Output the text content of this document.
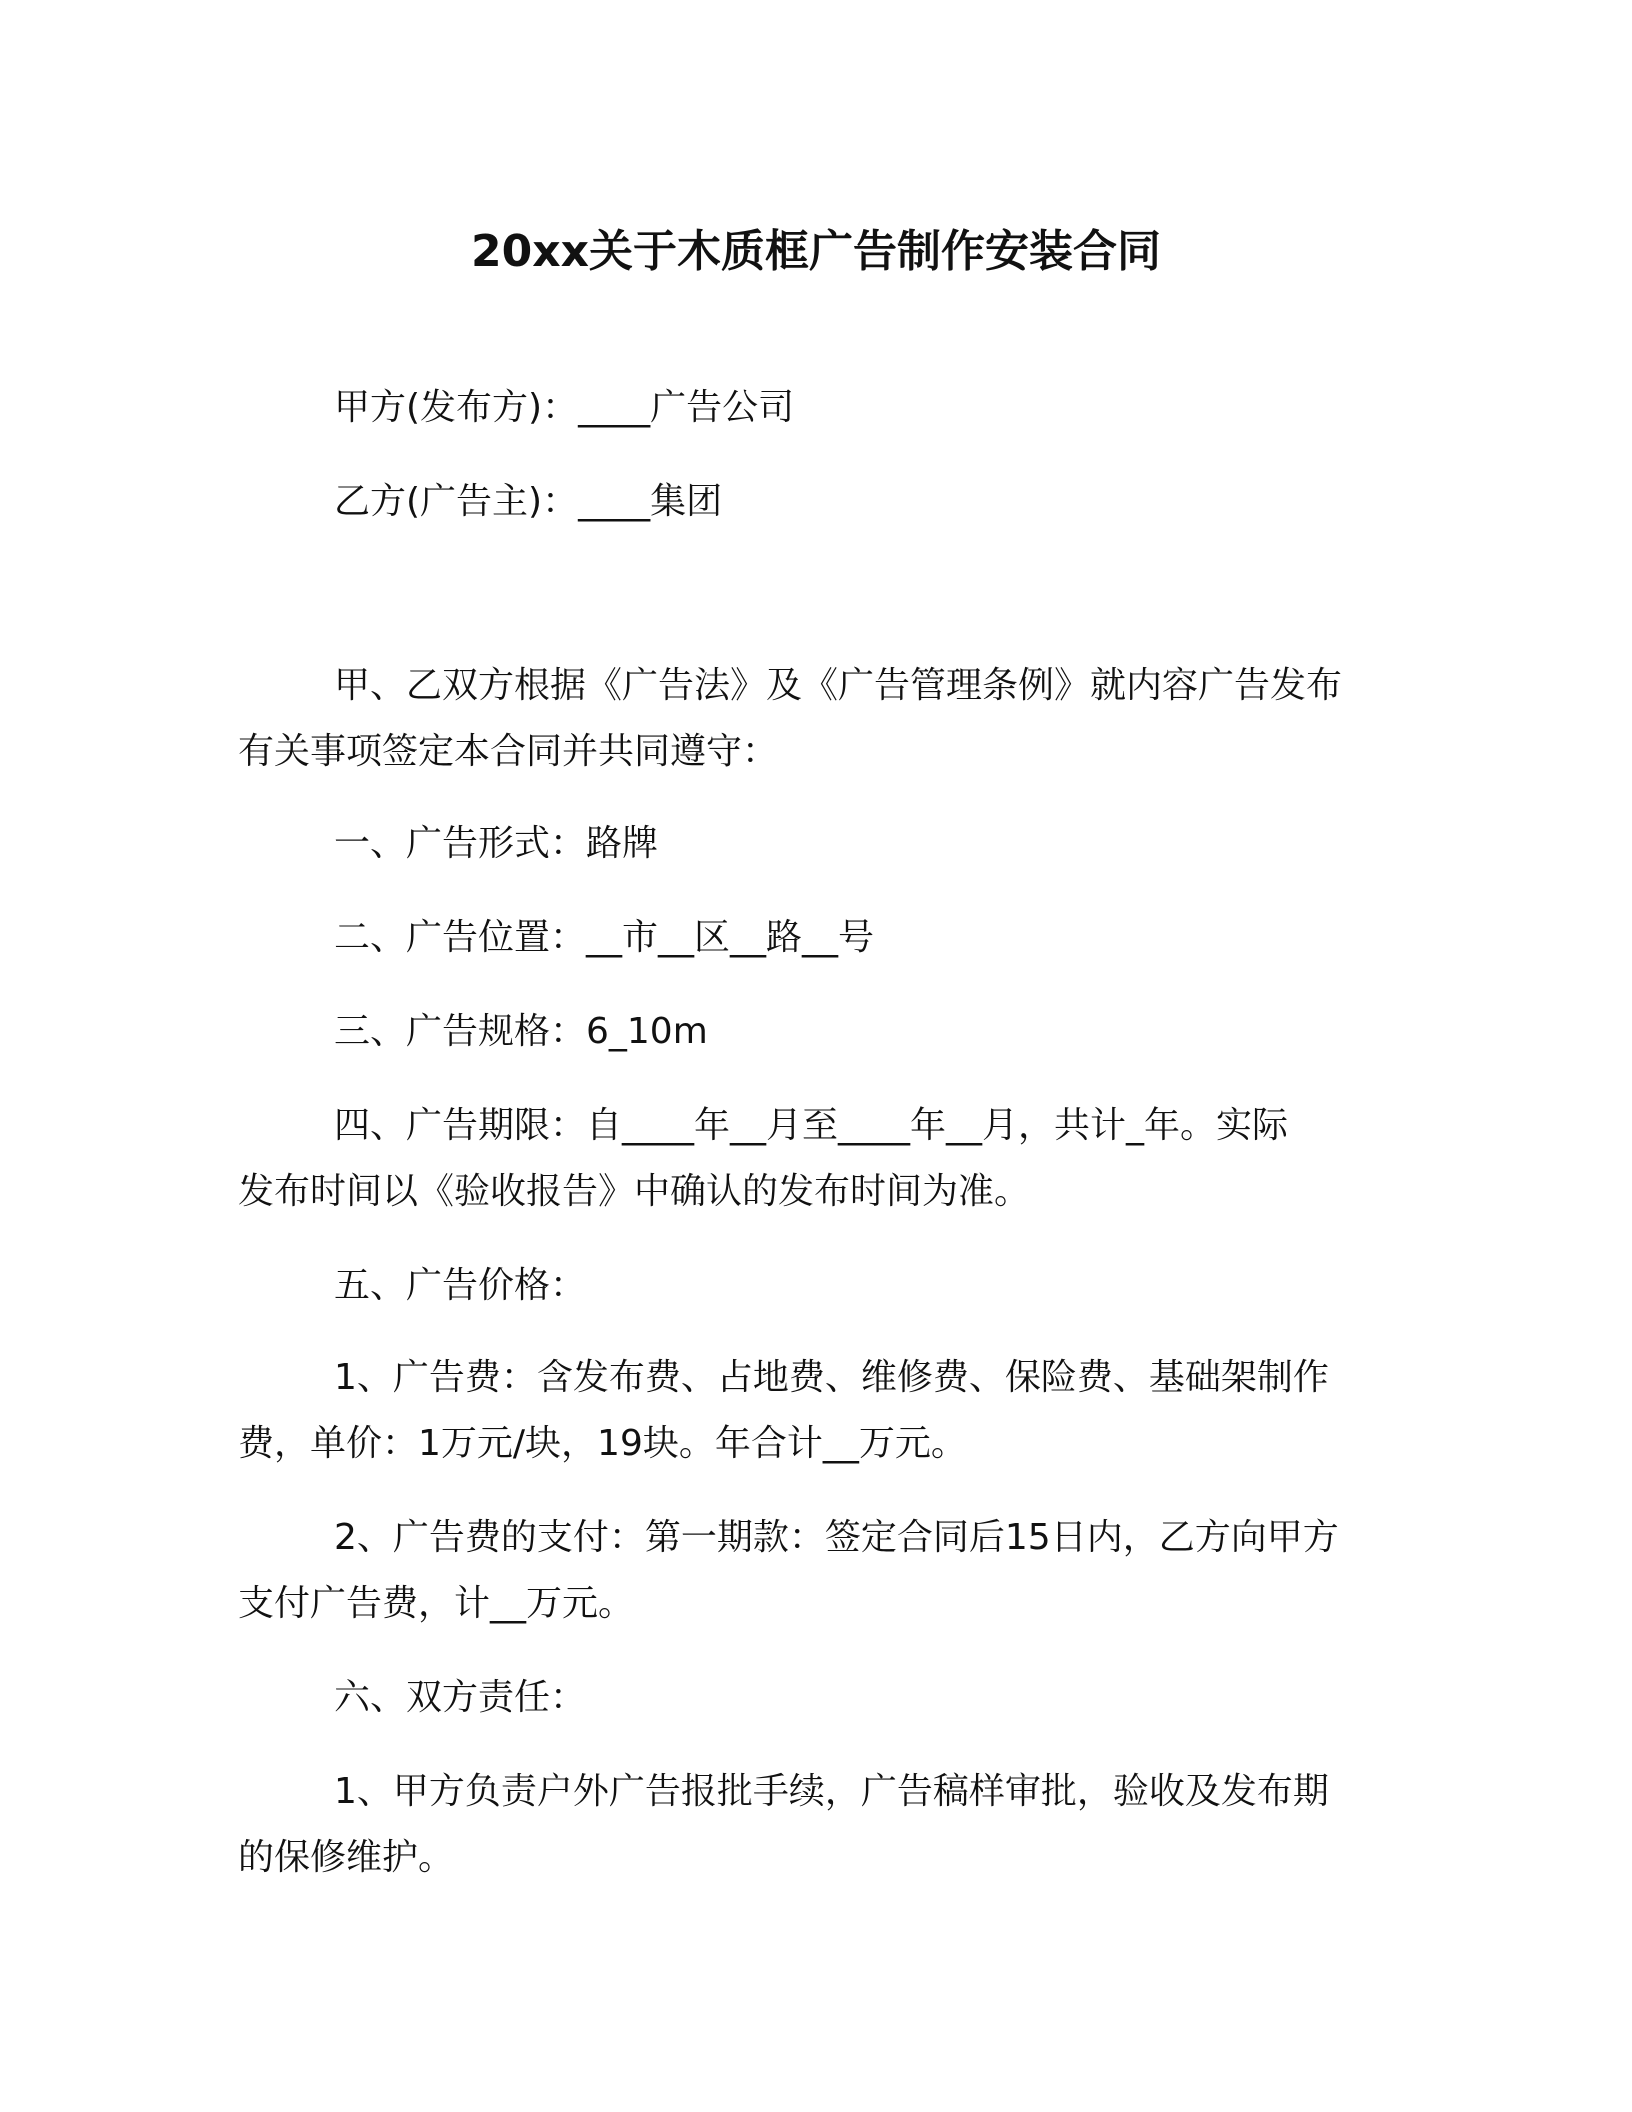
20xx关于木质框广告制作安装合同

甲方(发布方)：____广告公司

乙方(广告主)：____集团

甲、乙双方根据《广告法》及《广告管理条例》就内容广告发布

有关事项签定本合同并共同遵守：

一、广告形式：路牌

二、广告位置：__市__区__路__号

三、广告规格：6_10m

四、广告期限：自____年__月至____年__月，共计_年。实际

发布时间以《验收报告》中确认的发布时间为准。

五、广告价格：

1、广告费：含发布费、占地费、维修费、保险费、基础架制作

费，单价：1万元/块，19块。年合计__万元。

2、广告费的支付：第一期款：签定合同后15日内，乙方向甲方

支付广告费，计__万元。

六、双方责任：

1、甲方负责户外广告报批手续，广告稿样审批，验收及发布期

的保修维护。
